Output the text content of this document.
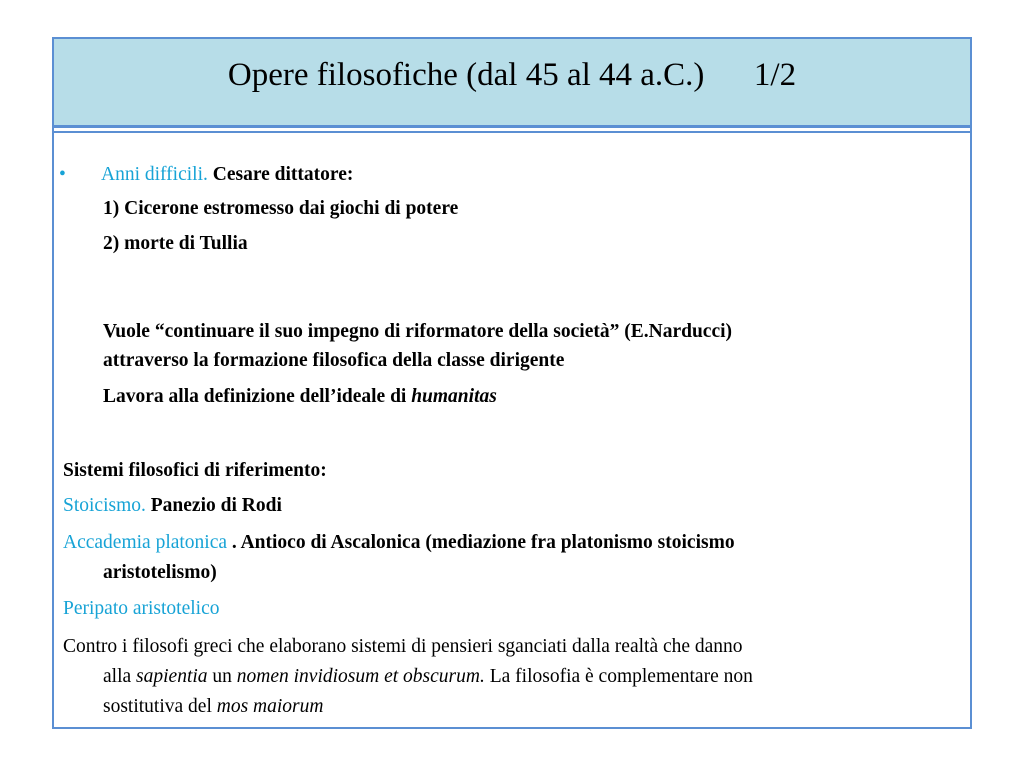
Opere filosofiche (dal 45 al 44 a.C.)      1/2
• Anni difficili. Cesare dittatore:
1) Cicerone estromesso dai giochi di potere
2) morte di Tullia
Vuole “continuare il suo impegno di riformatore della società” (E.Narducci)
attraverso la formazione filosofica della classe dirigente
Lavora alla definizione dell’ideale di humanitas
Sistemi filosofici di riferimento:
Stoicismo. Panezio di Rodi
Accademia platonica . Antioco di Ascalonica (mediazione fra platonismo stoicismo
aristotelismo)
Peripato aristotelico
Contro i filosofi greci che elaborano sistemi di pensieri sganciati dalla realtà che danno
alla sapientia un nomen invidiosum et obscurum. La filosofia è complementare non
sostitutiva del mos maiorum
